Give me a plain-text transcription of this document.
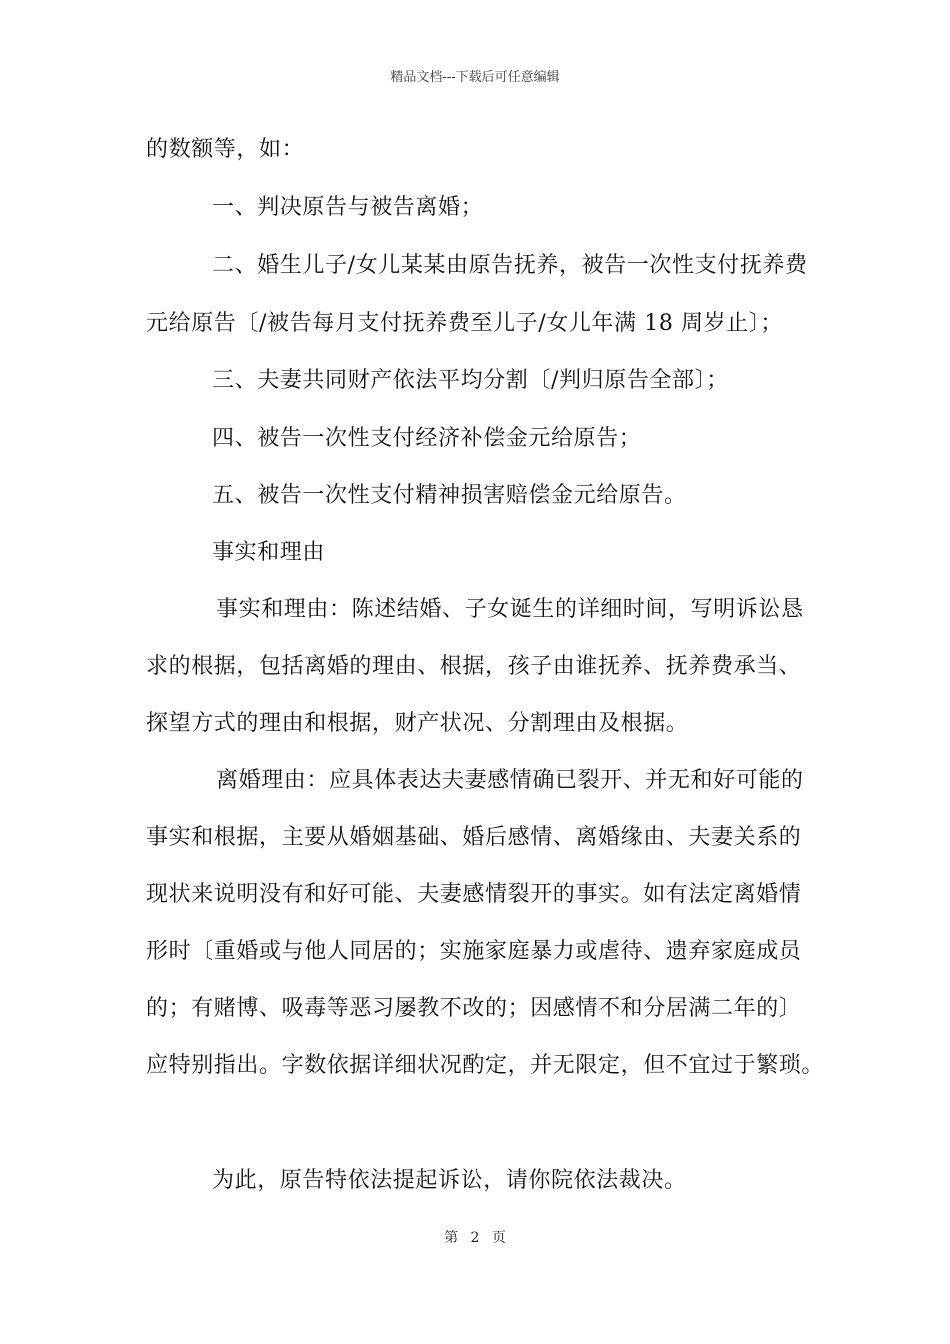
精品文档---下载后可任意编辑
的数额等，如：
一、判决原告与被告离婚；
二、婚生儿子/女儿某某由原告抚养，被告一次性支付抚养费
元给原告〔/被告每月支付抚养费至儿子/女儿年满 18 周岁止〕；
三、夫妻共同财产依法平均分割〔/判归原告全部〕；
四、被告一次性支付经济补偿金元给原告；
五、被告一次性支付精神损害赔偿金元给原告。
事实和理由
事实和理由：陈述结婚、子女诞生的详细时间，写明诉讼恳
求的根据，包括离婚的理由、根据，孩子由谁抚养、抚养费承当、
探望方式的理由和根据，财产状况、分割理由及根据。
离婚理由：应具体表达夫妻感情确已裂开、并无和好可能的
事实和根据，主要从婚姻基础、婚后感情、离婚缘由、夫妻关系的
现状来说明没有和好可能、夫妻感情裂开的事实。如有法定离婚情
形时〔重婚或与他人同居的；实施家庭暴力或虐待、遗弃家庭成员
的；有赌博、吸毒等恶习屡教不改的；因感情不和分居满二年的〕
应特别指出。字数依据详细状况酌定，并无限定，但不宜过于繁琐。
为此，原告特依法提起诉讼，请你院依法裁决。
第 2 页
